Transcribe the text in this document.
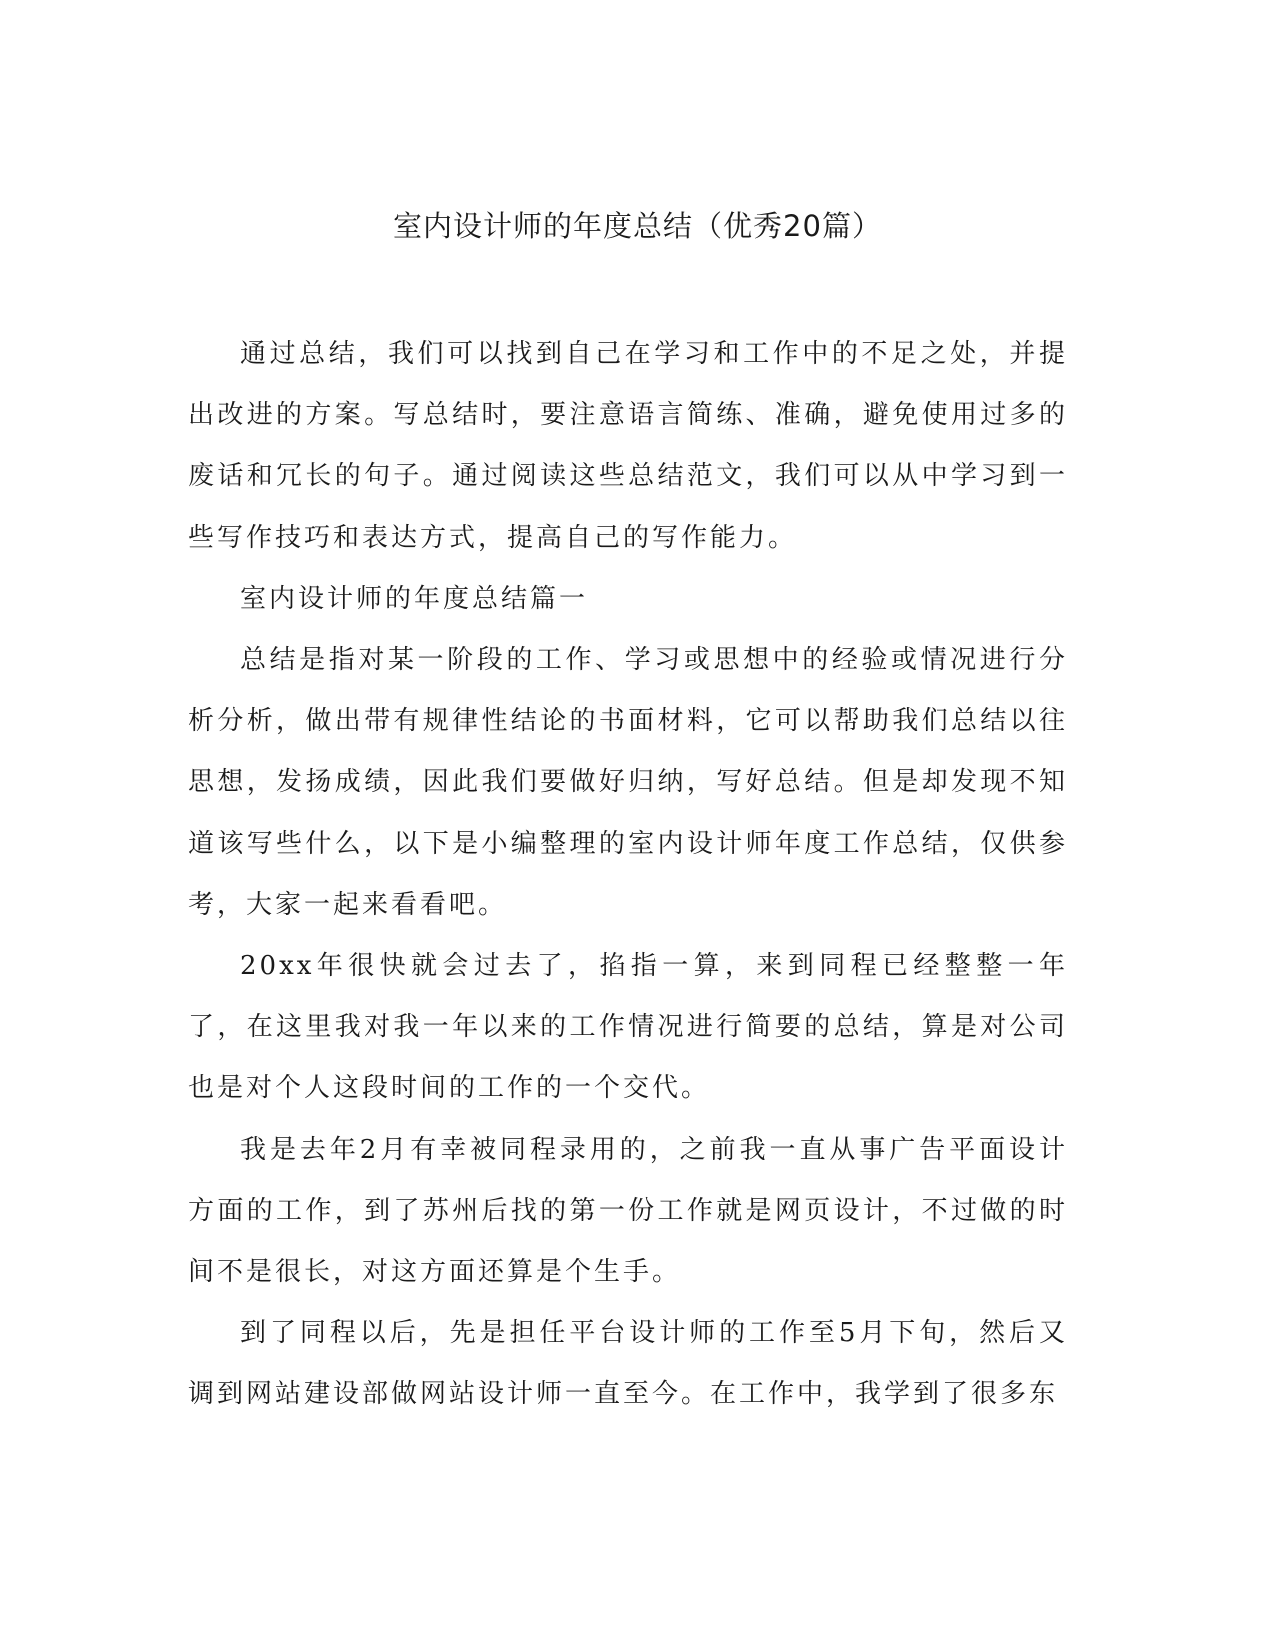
室内设计师的年度总结（优秀20篇）

通过总结，我们可以找到自己在学习和工作中的不足之处，并提出改进的方案。写总结时，要注意语言简练、准确，避免使用过多的废话和冗长的句子。通过阅读这些总结范文，我们可以从中学习到一些写作技巧和表达方式，提高自己的写作能力。

室内设计师的年度总结篇一

总结是指对某一阶段的工作、学习或思想中的经验或情况进行分析分析，做出带有规律性结论的书面材料，它可以帮助我们总结以往思想，发扬成绩，因此我们要做好归纳，写好总结。但是却发现不知道该写些什么，以下是小编整理的室内设计师年度工作总结，仅供参考，大家一起来看看吧。

20xx年很快就会过去了，掐指一算，来到同程已经整整一年了，在这里我对我一年以来的工作情况进行简要的总结，算是对公司也是对个人这段时间的工作的一个交代。

我是去年2月有幸被同程录用的，之前我一直从事广告平面设计方面的工作，到了苏州后找的第一份工作就是网页设计，不过做的时间不是很长，对这方面还算是个生手。

到了同程以后，先是担任平台设计师的工作至5月下旬，然后又调到网站建设部做网站设计师一直至今。在工作中，我学到了很多东
